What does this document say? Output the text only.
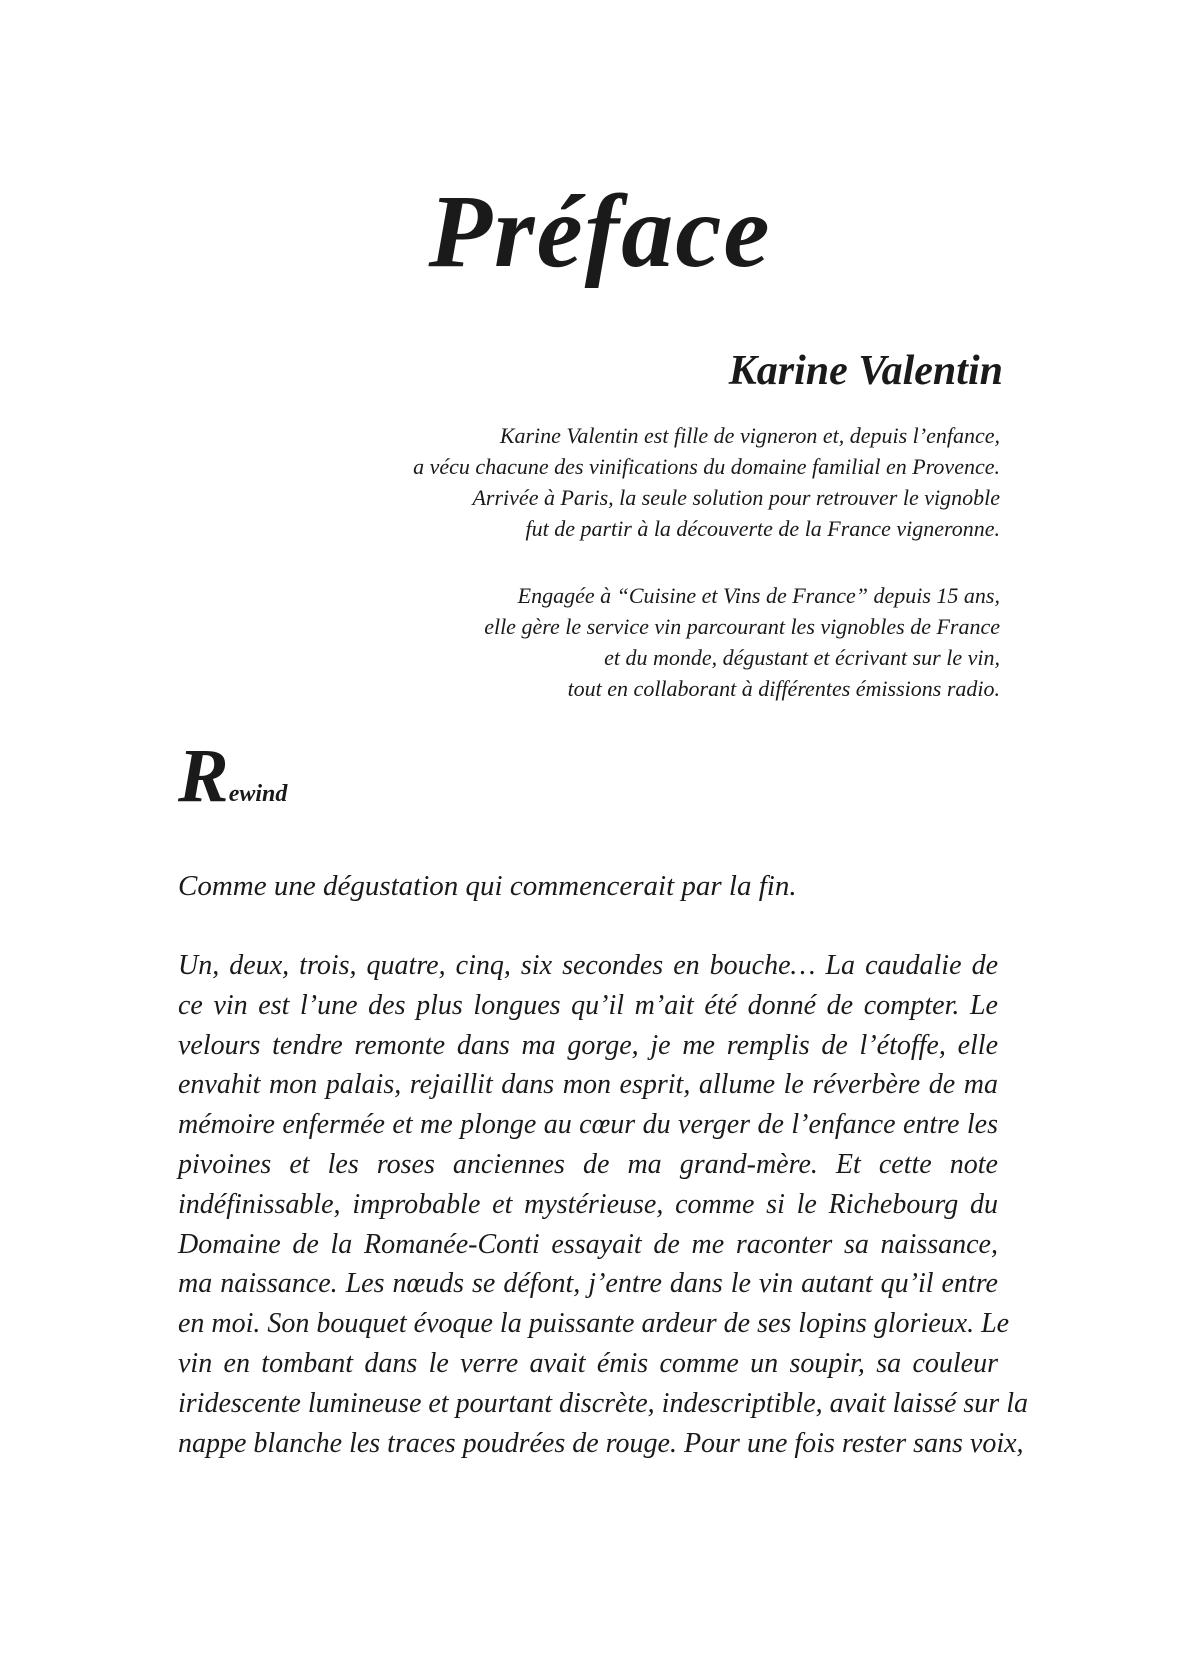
Préface
Karine Valentin

Karine Valentin est fille de vigneron et, depuis l’enfance,
a vécu chacune des vinifications du domaine familial en Provence.
Arrivée à Paris, la seule solution pour retrouver le vignoble
fut de partir à la découverte de la France vigneronne.

Engagée à “Cuisine et Vins de France” depuis 15 ans,
elle gère le service vin parcourant les vignobles de France
et du monde, dégustant et écrivant sur le vin,
tout en collaborant à différentes émissions radio.

Rewind

Comme une dégustation qui commencerait par la fin.

Un, deux, trois, quatre, cinq, six secondes en bouche… La caudalie de
ce vin est l’une des plus longues qu’il m’ait été donné de compter. Le
velours tendre remonte dans ma gorge, je me remplis de l’étoffe, elle
envahit mon palais, rejaillit dans mon esprit, allume le réverbère de ma
mémoire enfermée et me plonge au cœur du verger de l’enfance entre les
pivoines et les roses anciennes de ma grand-mère. Et cette note
indéfinissable, improbable et mystérieuse, comme si le Richebourg du
Domaine de la Romanée-Conti essayait de me raconter sa naissance,
ma naissance. Les nœuds se défont, j’entre dans le vin autant qu’il entre
en moi. Son bouquet évoque la puissante ardeur de ses lopins glorieux. Le
vin en tombant dans le verre avait émis comme un soupir, sa couleur
iridescente lumineuse et pourtant discrète, indescriptible, avait laissé sur la
nappe blanche les traces poudrées de rouge. Pour une fois rester sans voix,
